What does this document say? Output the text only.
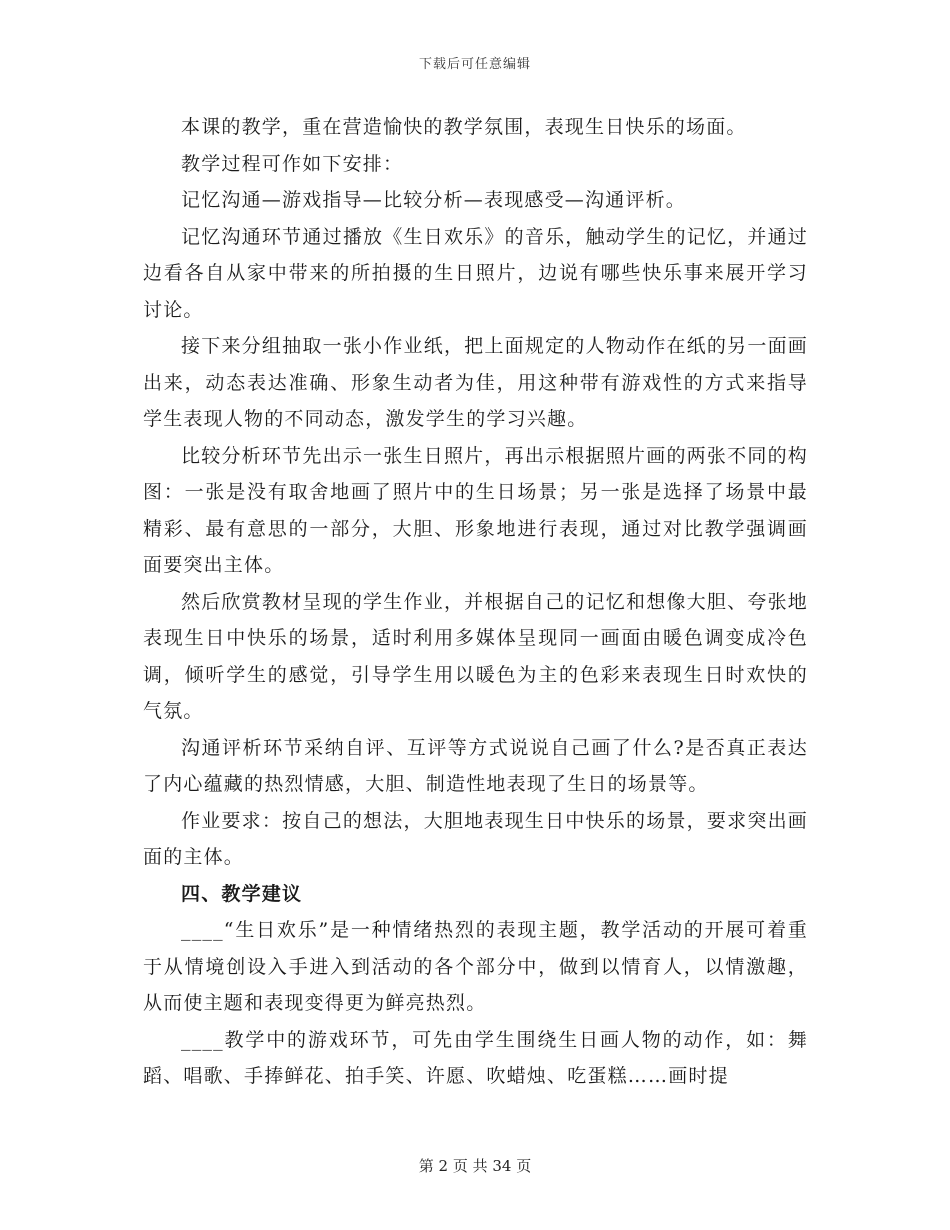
下载后可任意编辑

本课的教学，重在营造愉快的教学氛围，表现生日快乐的场面。

教学过程可作如下安排：

记忆沟通—游戏指导—比较分析—表现感受—沟通评析。

记忆沟通环节通过播放《生日欢乐》的音乐，触动学生的记忆，并通过边看各自从家中带来的所拍摄的生日照片，边说有哪些快乐事来展开学习讨论。

接下来分组抽取一张小作业纸，把上面规定的人物动作在纸的另一面画出来，动态表达准确、形象生动者为佳，用这种带有游戏性的方式来指导学生表现人物的不同动态，激发学生的学习兴趣。

比较分析环节先出示一张生日照片，再出示根据照片画的两张不同的构图：一张是没有取舍地画了照片中的生日场景；另一张是选择了场景中最精彩、最有意思的一部分，大胆、形象地进行表现，通过对比教学强调画面要突出主体。

然后欣赏教材呈现的学生作业，并根据自己的记忆和想像大胆、夸张地表现生日中快乐的场景，适时利用多媒体呈现同一画面由暖色调变成冷色调，倾听学生的感觉，引导学生用以暖色为主的色彩来表现生日时欢快的气氛。

沟通评析环节采纳自评、互评等方式说说自己画了什么?是否真正表达了内心蕴藏的热烈情感，大胆、制造性地表现了生日的场景等。

作业要求：按自己的想法，大胆地表现生日中快乐的场景，要求突出画面的主体。

四、教学建议

____“生日欢乐”是一种情绪热烈的表现主题，教学活动的开展可着重于从情境创设入手进入到活动的各个部分中，做到以情育人，以情激趣，从而使主题和表现变得更为鲜亮热烈。

____教学中的游戏环节，可先由学生围绕生日画人物的动作，如：舞蹈、唱歌、手捧鲜花、拍手笑、许愿、吹蜡烛、吃蛋糕……画时提

第 2 页 共 34 页
